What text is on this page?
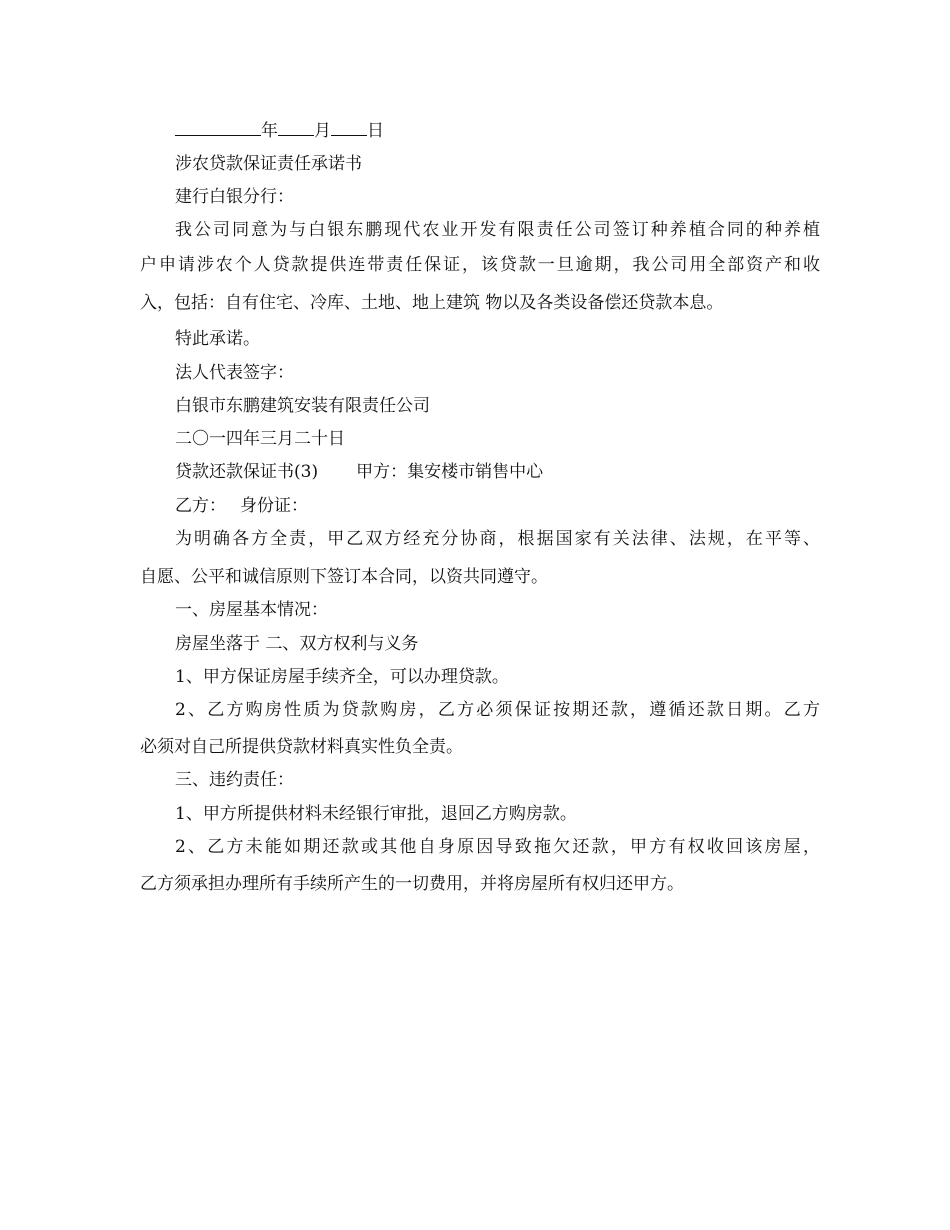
年 月 日
涉农贷款保证责任承诺书
建行白银分行：
我公司同意为与白银东鹏现代农业开发有限责任公司签订种养植合同的种养植
户申请涉农个人贷款提供连带责任保证，该贷款一旦逾期，我公司用全部资产和收
入，包括：自有住宅、冷库、土地、地上建筑 物以及各类设备偿还贷款本息。
特此承诺。
法人代表签字：
白银市东鹏建筑安装有限责任公司
二〇一四年三月二十日
贷款还款保证书(3) 甲方：集安楼市销售中心
乙方： 身份证：
为明确各方全责，甲乙双方经充分协商，根据国家有关法律、法规，在平等、
自愿、公平和诚信原则下签订本合同，以资共同遵守。
一、房屋基本情况：
房屋坐落于 二、双方权利与义务
1、甲方保证房屋手续齐全，可以办理贷款。
2、乙方购房性质为贷款购房，乙方必须保证按期还款，遵循还款日期。乙方
必须对自己所提供贷款材料真实性负全责。
三、违约责任：
1、甲方所提供材料未经银行审批，退回乙方购房款。
2、乙方未能如期还款或其他自身原因导致拖欠还款，甲方有权收回该房屋，
乙方须承担办理所有手续所产生的一切费用，并将房屋所有权归还甲方。
